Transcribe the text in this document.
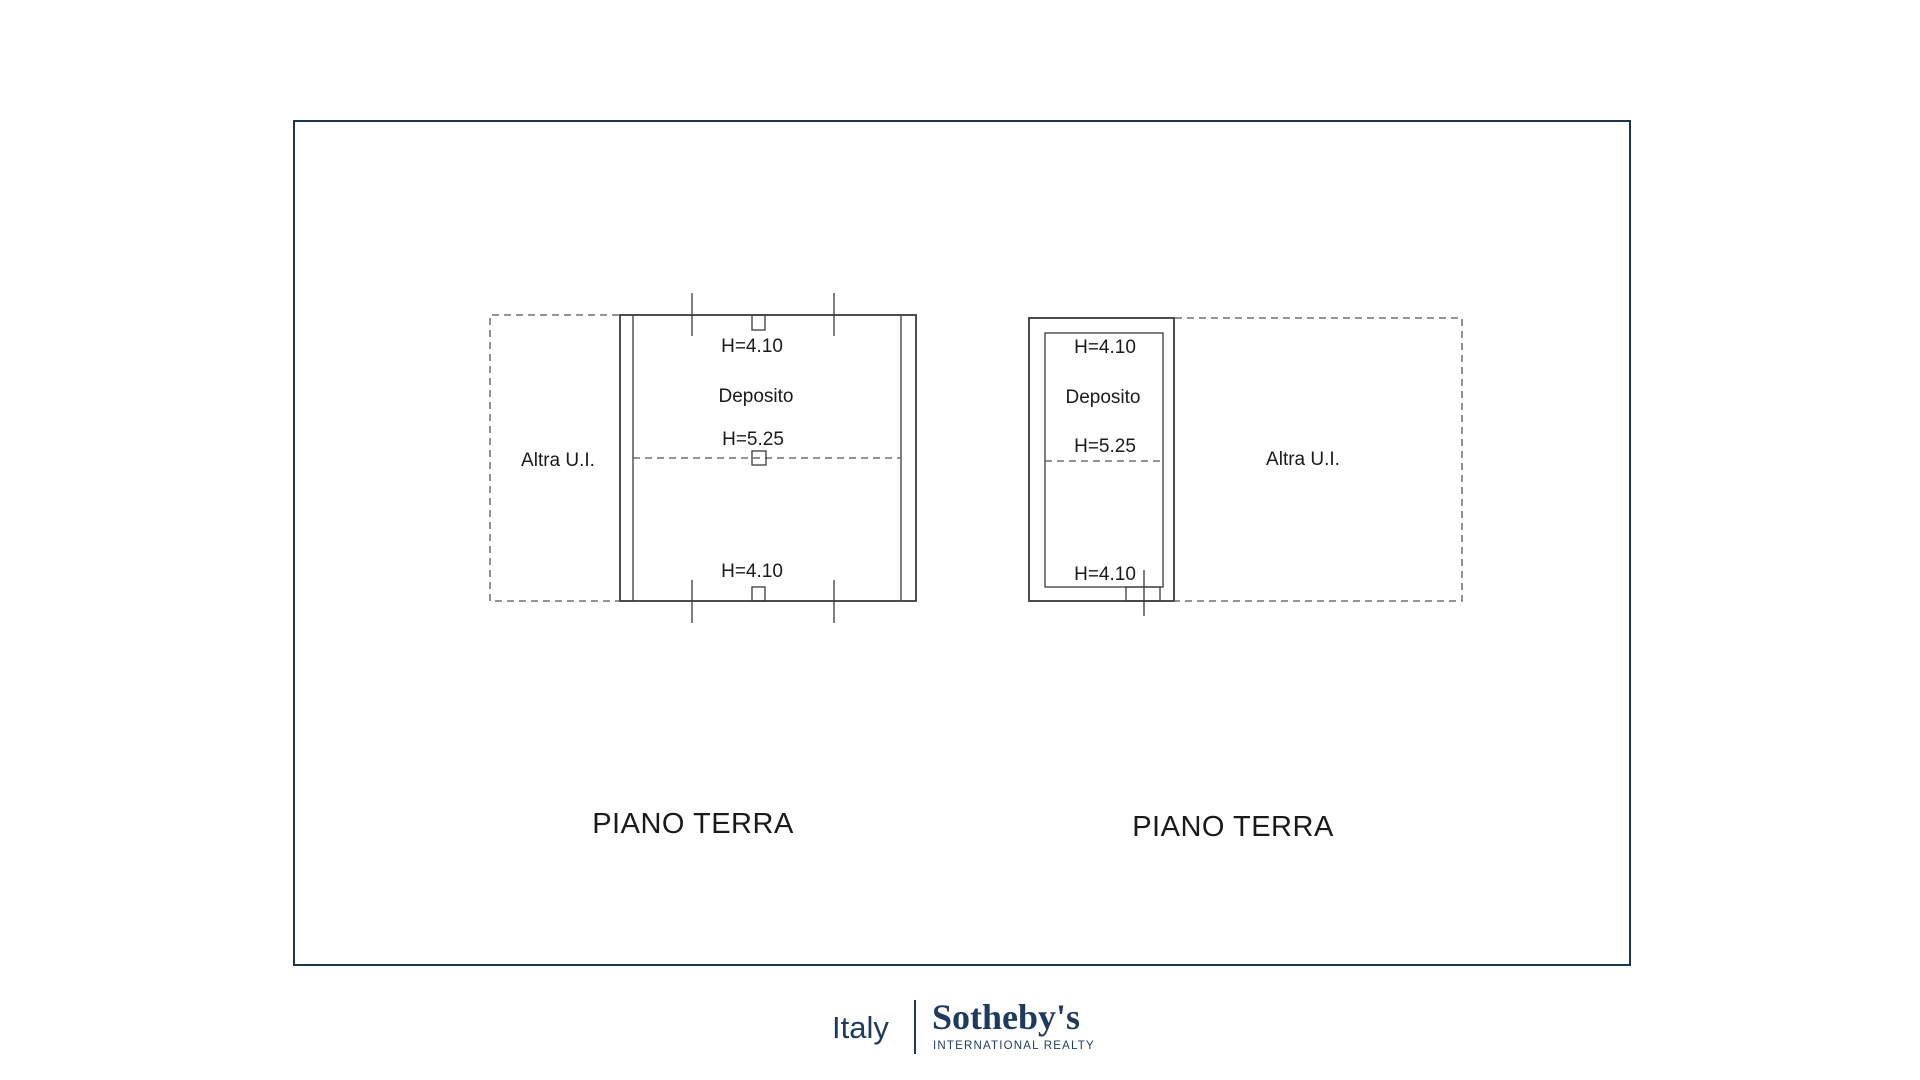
H=4.10
Deposito
H=5.25
H=4.10
Altra U.I.
PIANO TERRA
H=4.10
Deposito
H=5.25
H=4.10
Altra U.I.
PIANO TERRA
Italy Sotheby's
INTERNATIONAL REALTY
